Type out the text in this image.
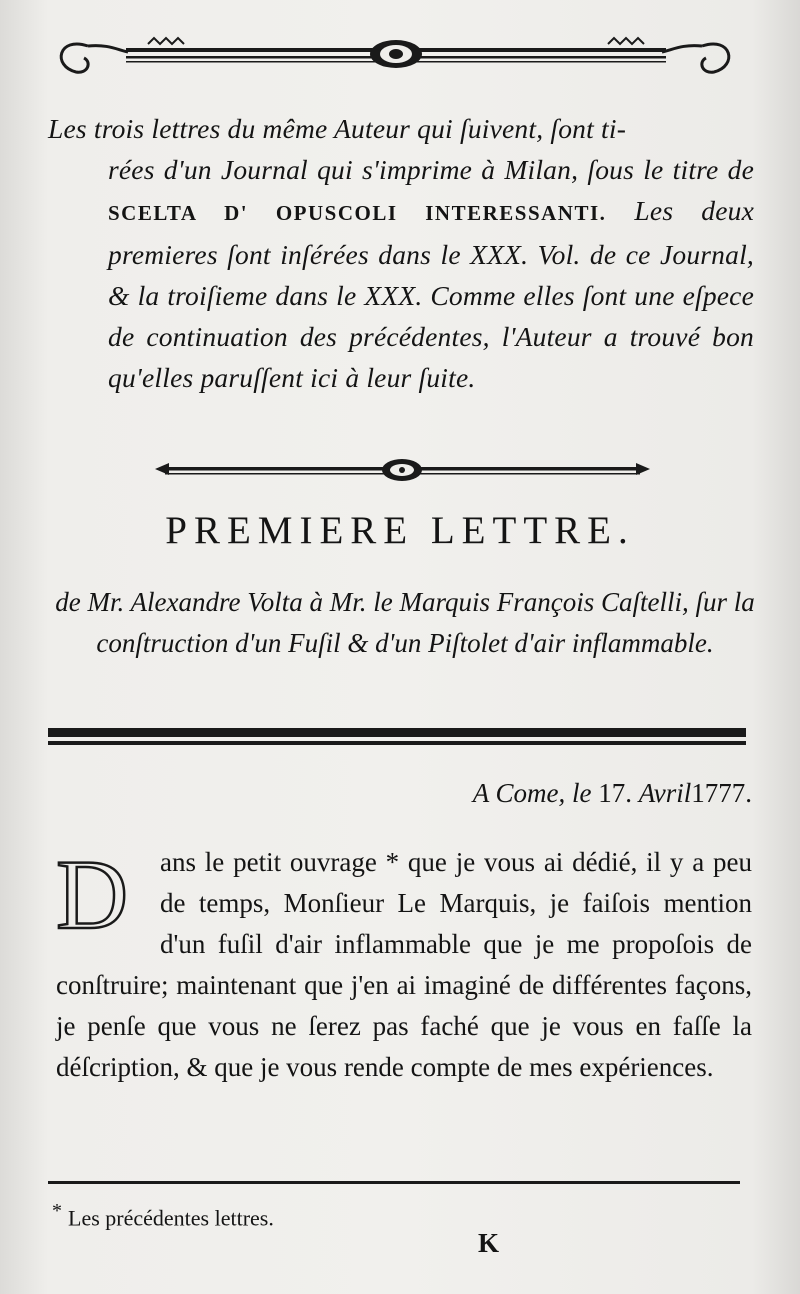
Les trois lettres du même Auteur qui ſuivent, ſont ti-

rées d'un Journal qui s'imprime à Milan, ſous le titre de SCELTA D' OPUSCOLI INTERESSANTI. Les deux premieres ſont inſérées dans le XXX. Vol. de ce Journal, & la troiſieme dans le XXX. Comme elles ſont une eſpece de continuation des précédentes, l'Auteur a trouvé bon qu'elles paruſſent ici à leur ſuite.

PREMIERE LETTRE.
de Mr. Alexandre Volta à Mr. le Marquis François Caſtelli, ſur la conſtruction d'un Fuſil & d'un Piſtolet d'air inflammable.
A Come, le 17. Avril1777.
D	ans le petit ouvrage * que je vous ai dédié, il y a peu de temps, Monſieur Le Marquis, je faiſois mention d'un fuſil d'air inflammable que je me propoſois de conſtruire; maintenant que j'en ai imaginé de différentes façons, je penſe que vous ne ſerez pas faché que je vous en faſſe la déſcription, & que je vous rende compte de mes expériences.

* Les précédentes lettres.
K
